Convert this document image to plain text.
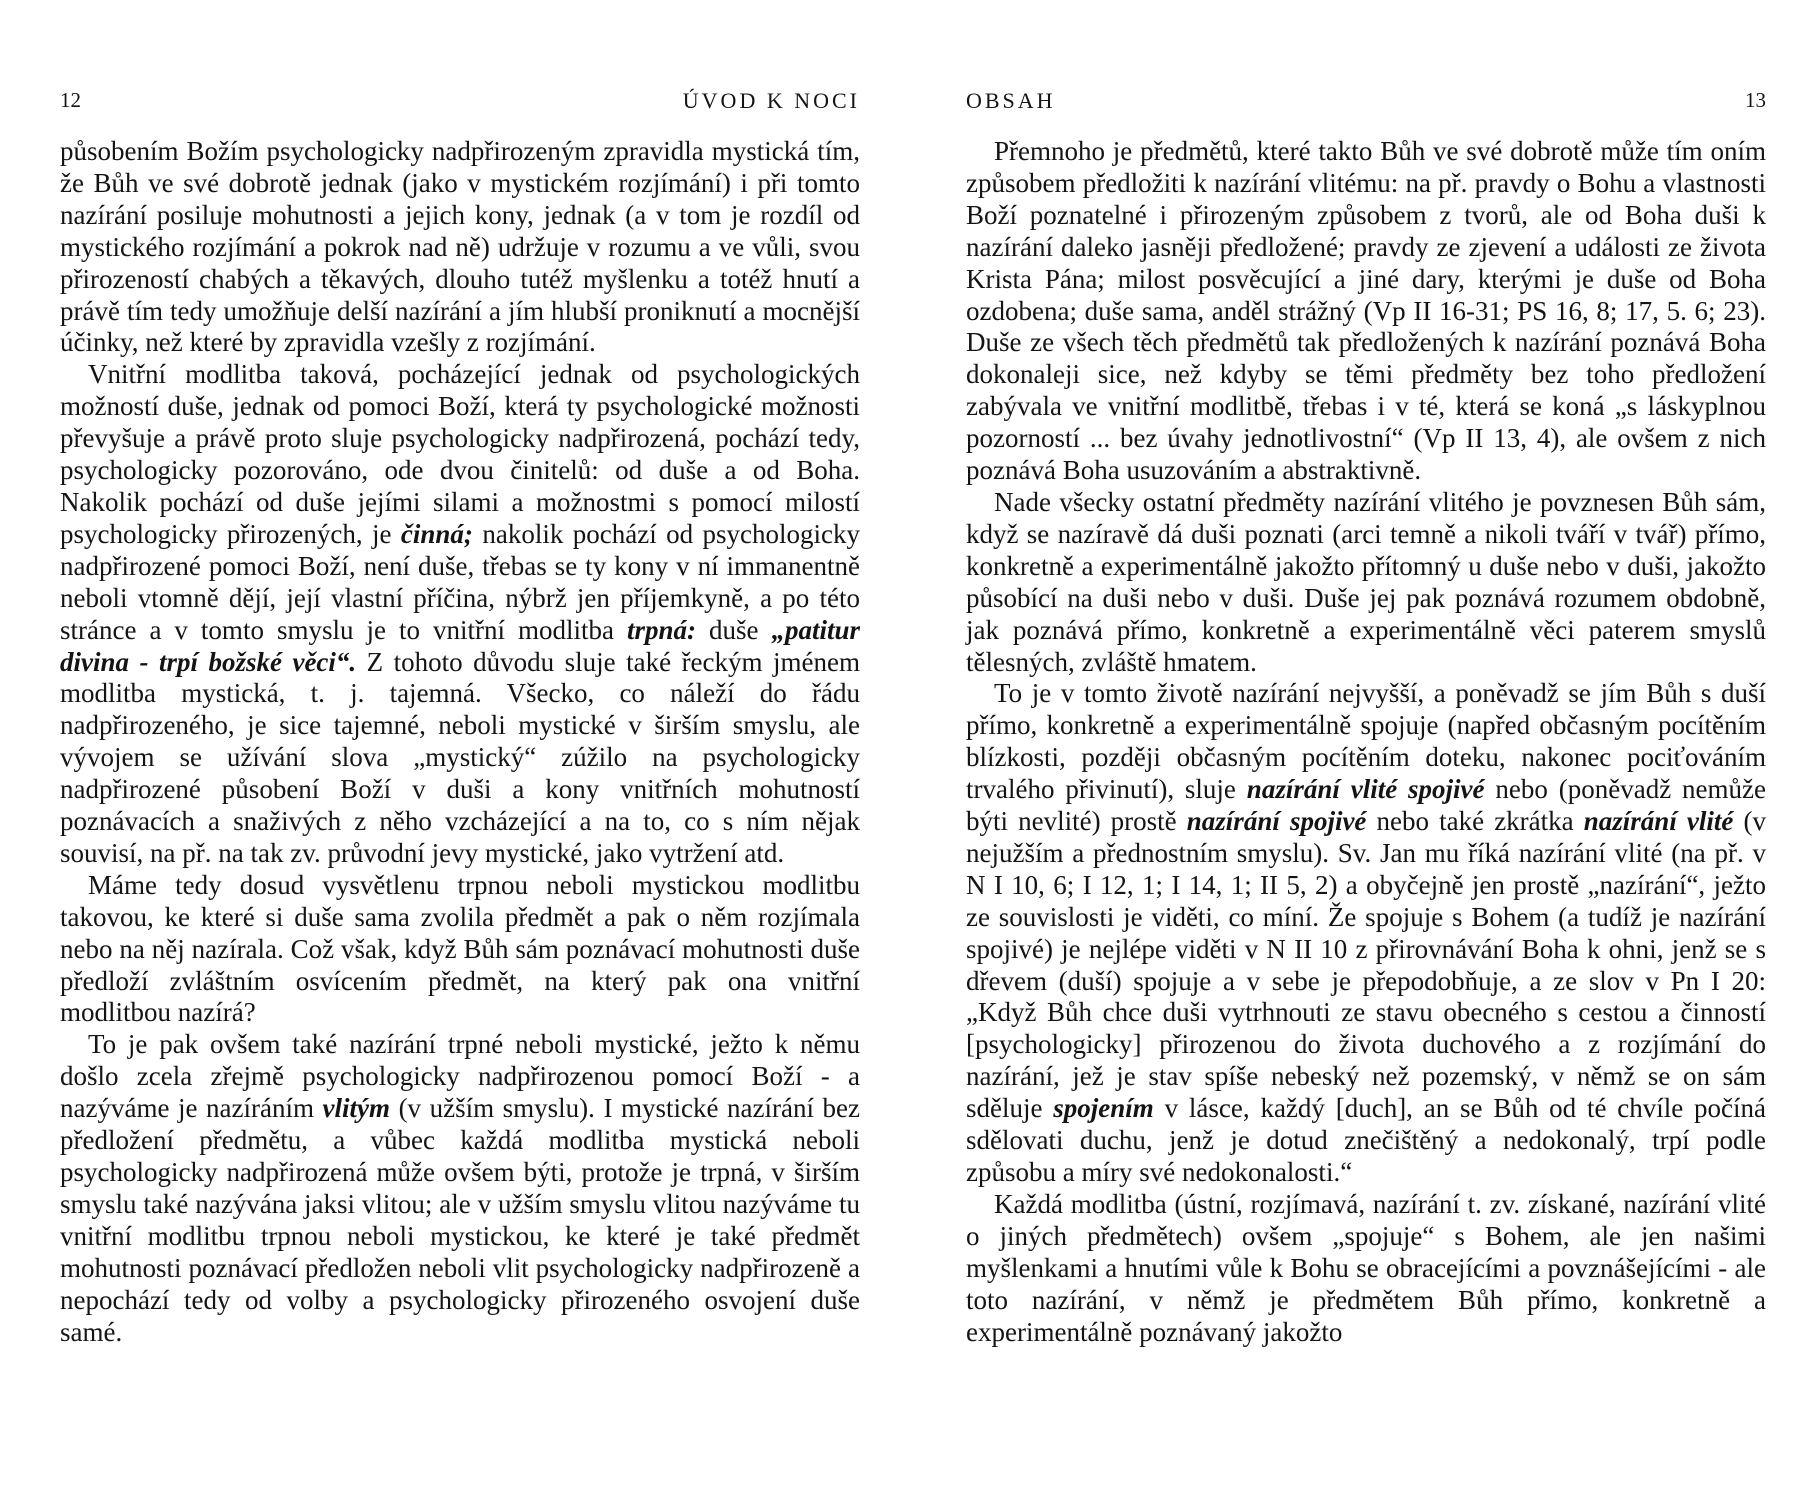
12	ÚVOD K NOCI

působením Božím psychologicky nadpřirozeným zpravidla mystická tím, že Bůh ve své dobrotě jednak (jako v mystickém rozjímání) i při tomto nazírání posiluje mohutnosti a jejich kony, jednak (a v tom je rozdíl od mystického rozjímání a pokrok nad ně) udržuje v rozumu a ve vůli, svou přirozeností chabých a těkavých, dlouho tutéž myšlenku a totéž hnutí a právě tím tedy umožňuje delší nazírání a jím hlubší proniknutí a mocnější účinky, než které by zpravidla vzešly z rozjímání.

Vnitřní modlitba taková, pocházející jednak od psychologických možností duše, jednak od pomoci Boží, která ty psychologické možnosti převyšuje a právě proto sluje psychologicky nadpřirozená, pochází tedy, psychologicky pozorováno, ode dvou činitelů: od duše a od Boha. Nakolik pochází od duše jejími silami a možnostmi s pomocí milostí psychologicky přirozených, je činná; nakolik pochází od psychologicky nadpřirozené pomoci Boží, není duše, třebas se ty kony v ní immanentně neboli vtomně dějí, její vlastní příčina, nýbrž jen příjemkyně, a po této stránce a v tomto smyslu je to vnitřní modlitba trpná: duše „patitur divina - trpí božské věci“. Z tohoto důvodu sluje také řeckým jménem modlitba mystická, t. j. tajemná. Všecko, co náleží do řádu nadpřirozeného, je sice tajemné, neboli mystické v širším smyslu, ale vývojem se užívání slova „mystický“ zúžilo na psychologicky nadpřirozené působení Boží v duši a kony vnitřních mohutností poznávacích a snaživých z něho vzcházející a na to, co s ním nějak souvisí, na př. na tak zv. průvodní jevy mystické, jako vytržení atd.

Máme tedy dosud vysvětlenu trpnou neboli mystickou modlitbu takovou, ke které si duše sama zvolila předmět a pak o něm rozjímala nebo na něj nazírala. Což však, když Bůh sám poznávací mohutnosti duše předloží zvláštním osvícením předmět, na který pak ona vnitřní modlitbou nazírá?

To je pak ovšem také nazírání trpné neboli mystické, ježto k němu došlo zcela zřejmě psychologicky nadpřirozenou pomocí Boží - a nazýváme je nazíráním vlitým (v užším smyslu). I mystické nazírání bez předložení předmětu, a vůbec každá modlitba mystická neboli psychologicky nadpřirozená může ovšem býti, protože je trpná, v širším smyslu také nazývána jaksi vlitou; ale v užším smyslu vlitou nazýváme tu vnitřní modlitbu trpnou neboli mystickou, ke které je také předmět mohutnosti poznávací předložen neboli vlit psychologicky nadpřirozeně a nepochází tedy od volby a psychologicky přirozeného osvojení duše samé.

OBSAH	13

Přemnoho je předmětů, které takto Bůh ve své dobrotě může tím oním způsobem předložiti k nazírání vlitému: na př. pravdy o Bohu a vlastnosti Boží poznatelné i přirozeným způsobem z tvorů, ale od Boha duši k nazírání daleko jasněji předložené; pravdy ze zjevení a události ze života Krista Pána; milost posvěcující a jiné dary, kterými je duše od Boha ozdobena; duše sama, anděl strážný (Vp II 16-31; PS 16, 8; 17, 5. 6; 23). Duše ze všech těch předmětů tak předložených k nazírání poznává Boha dokonaleji sice, než kdyby se těmi předměty bez toho předložení zabývala ve vnitřní modlitbě, třebas i v té, která se koná „s láskyplnou pozorností ... bez úvahy jednotlivostní“ (Vp II 13, 4), ale ovšem z nich poznává Boha usuzováním a abstraktivně.

Nade všecky ostatní předměty nazírání vlitého je povznesen Bůh sám, když se nazíravě dá duši poznati (arci temně a nikoli tváří v tvář) přímo, konkretně a experimentálně jakožto přítomný u duše nebo v duši, jakožto působící na duši nebo v duši. Duše jej pak poznává rozumem obdobně, jak poznává přímo, konkretně a experimentálně věci paterem smyslů tělesných, zvláště hmatem.

To je v tomto životě nazírání nejvyšší, a poněvadž se jím Bůh s duší přímo, konkretně a experimentálně spojuje (napřed občasným pocítěním blízkosti, později občasným pocítěním doteku, nakonec pociťováním trvalého přivinutí), sluje nazírání vlité spojivé nebo (poněvadž nemůže býti nevlité) prostě nazírání spojivé nebo také zkrátka nazírání vlité (v nejužším a přednostním smyslu). Sv. Jan mu říká nazírání vlité (na př. v N I 10, 6; I 12, 1; I 14, 1; II 5, 2) a obyčejně jen prostě „nazírání“, ježto ze souvislosti je viděti, co míní. Že spojuje s Bohem (a tudíž je nazírání spojivé) je nejlépe viděti v N II 10 z přirovnávání Boha k ohni, jenž se s dřevem (duší) spojuje a v sebe je přepodobňuje, a ze slov v Pn I 20: „Když Bůh chce duši vytrhnouti ze stavu obecného s cestou a činností [psychologicky] přirozenou do života duchového a z rozjímání do nazírání, jež je stav spíše nebeský než pozemský, v němž se on sám sděluje spojením v lásce, každý [duch], an se Bůh od té chvíle počíná sdělovati duchu, jenž je dotud znečištěný a nedokonalý, trpí podle způsobu a míry své nedokonalosti.“

Každá modlitba (ústní, rozjímavá, nazírání t. zv. získané, nazírání vlité o jiných předmětech) ovšem „spojuje“ s Bohem, ale jen našimi myšlenkami a hnutími vůle k Bohu se obracejícími a povznášejícími - ale toto nazírání, v němž je předmětem Bůh přímo, konkretně a experimentálně poznávaný jakožto
